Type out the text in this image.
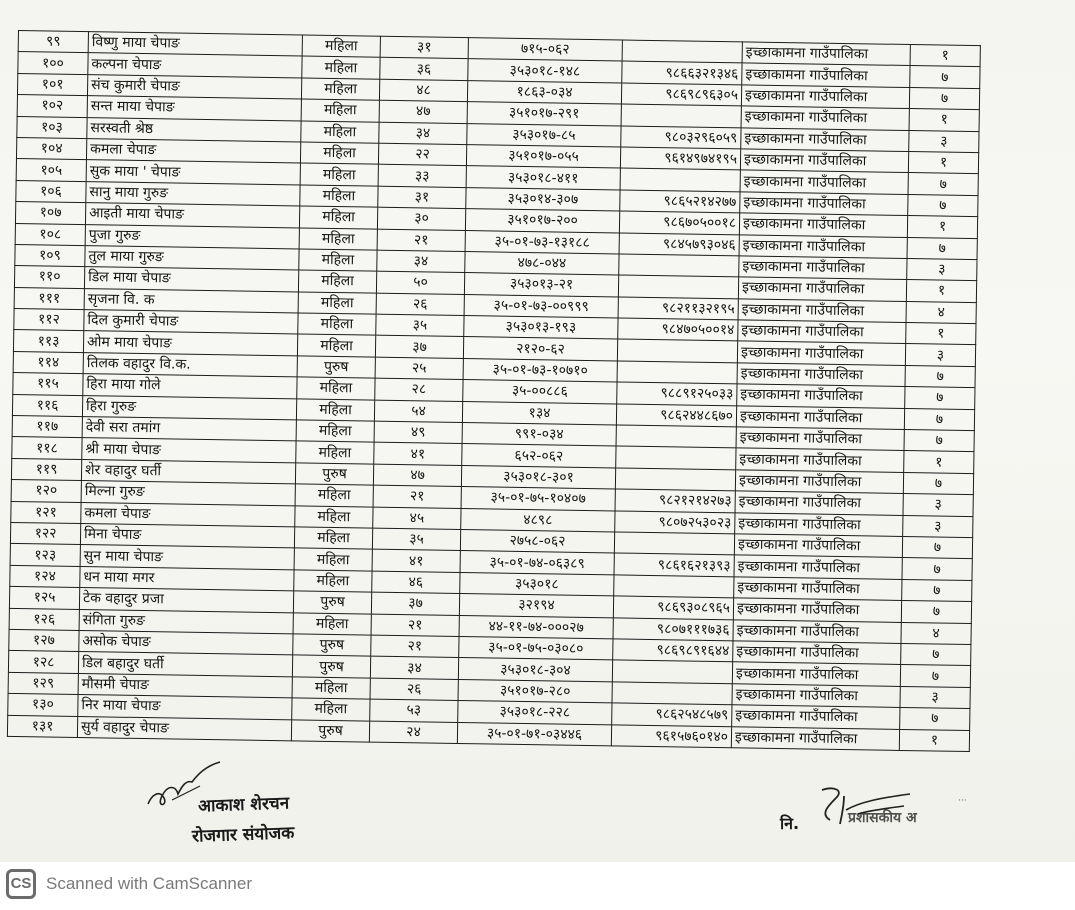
९९	विष्णु माया चेपाङ	महिला	३१	७१५-०६२		इच्छाकामना गाउँपालिका	१
१००	कल्पना चेपाङ	महिला	३६	३५३०१८-१४८	९८६६३२१३४६	इच्छाकामना गाउँपालिका	७
१०१	संच कुमारी चेपाङ	महिला	४८	१८६३-०३४	९८६९८९६३०५	इच्छाकामना गाउँपालिका	७
१०२	सन्त माया चेपाङ	महिला	४७	३५१०१७-२९१		इच्छाकामना गाउँपालिका	१
१०३	सरस्वती श्रेष्ठ	महिला	३४	३५३०१७-८५	९८०३२९६०५९	इच्छाकामना गाउँपालिका	३
१०४	कमला चेपाङ	महिला	२२	३५१०१७-०५५	९६१४९७४१९५	इच्छाकामना गाउँपालिका	१
१०५	सुक माया ' चेपाङ	महिला	३३	३५३०१८-४११		इच्छाकामना गाउँपालिका	७
१०६	सानु माया गुरुङ	महिला	३१	३५३०१४-३०७	९८६५२१४२७७	इच्छाकामना गाउँपालिका	७
१०७	आइती माया चेपाङ	महिला	३०	३५१०१७-२००	९८६७०५००१८	इच्छाकामना गाउँपालिका	१
१०८	पुजा गुरुङ	महिला	२१	३५-०१-७३-१३१८८	९८४५७९३०४६	इच्छाकामना गाउँपालिका	७
१०९	तुल माया गुरुङ	महिला	३४	४७८-०४४		इच्छाकामना गाउँपालिका	३
११०	डिल माया चेपाङ	महिला	५०	३५३०१३-२१		इच्छाकामना गाउँपालिका	१
१११	सृजना वि. क	महिला	२६	३५-०१-७३-००९९९	९८२११३२१९५	इच्छाकामना गाउँपालिका	४
११२	दिल कुमारी चेपाङ	महिला	३५	३५३०१३-१९३	९८४७०५००१४	इच्छाकामना गाउँपालिका	१
११३	ओम माया चेपाङ	महिला	३७	२१२०-६२		इच्छाकामना गाउँपालिका	३
११४	तिलक वहादुर वि.क.	पुरुष	२५	३५-०१-७३-१०७१०		इच्छाकामना गाउँपालिका	७
११५	हिरा माया गोले	महिला	२८	३५-००८८६	९८८९१२५०३३	इच्छाकामना गाउँपालिका	७
११६	हिरा गुरुङ	महिला	५४	१३४	९८६२४४८६७०	इच्छाकामना गाउँपालिका	७
११७	देवी सरा तमांग	महिला	४९	९९१-०३४		इच्छाकामना गाउँपालिका	७
११८	श्री माया चेपाङ	महिला	४१	६५२-०६२		इच्छाकामना गाउँपालिका	१
११९	शेर वहादुर घर्ती	पुरुष	४७	३५३०१८-३०१		इच्छाकामना गाउँपालिका	७
१२०	मिल्ना गुरुङ	महिला	२१	३५-०१-७५-१०४०७	९८२१२१४२७३	इच्छाकामना गाउँपालिका	३
१२१	कमला चेपाङ	महिला	४५	४८९८	९८०७२५३०२३	इच्छाकामना गाउँपालिका	३
१२२	मिना चेपाङ	महिला	३५	२७५८-०६२		इच्छाकामना गाउँपालिका	७
१२३	सुन माया चेपाङ	महिला	४१	३५-०१-७४-०६३८९	९८६१६२१३९३	इच्छाकामना गाउँपालिका	७
१२४	धन माया मगर	महिला	४६	३५३०१८		इच्छाकामना गाउँपालिका	७
१२५	टेक वहादुर प्रजा	पुरुष	३७	३२१९४	९८६९३०८९६५	इच्छाकामना गाउँपालिका	७
१२६	संगिता गुरुङ	महिला	२१	४४-११-७४-०००२७	९८०७१११७३६	इच्छाकामना गाउँपालिका	४
१२७	असोक चेपाङ	पुरुष	२१	३५-०१-७५-०३०८०	९८६९८९१६४४	इच्छाकामना गाउँपालिका	७
१२८	डिल बहादुर घर्ती	पुरुष	३४	३५३०१८-३०४		इच्छाकामना गाउँपालिका	७
१२९	मौसमी चेपाङ	महिला	२६	३५१०१७-२८०		इच्छाकामना गाउँपालिका	३
१३०	निर माया चेपाङ	महिला	५३	३५३०१८-२२८	९८६२५४८५७९	इच्छाकामना गाउँपालिका	७
१३१	सुर्य वहादुर चेपाङ	पुरुष	२४	३५-०१-७१-०३४४६	९६१५७६०१४०	इच्छाकामना गाउँपालिका	१
आकाश शेरचन
रोजगार संयोजक	नि.	प्रशासकीय अ
···
CS Scanned with CamScanner
